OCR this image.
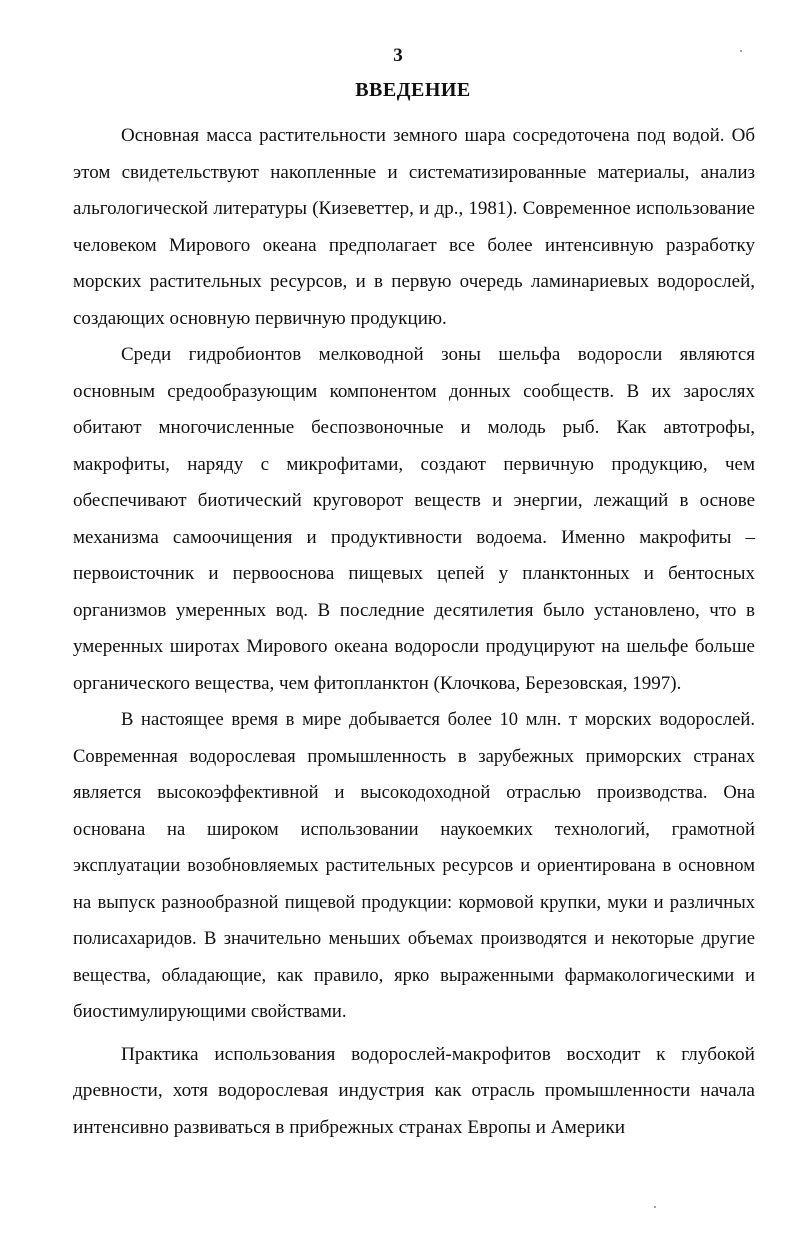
3
ВВЕДЕНИЕ

Основная масса растительности земного шара сосредоточена под водой. Об этом свидетельствуют накопленные и систематизированные материалы, анализ альгологической литературы (Кизеветтер, и др., 1981). Современное использование человеком Мирового океана предполагает все более интенсивную разработку морских растительных ресурсов, и в первую очередь ламинариевых водорослей, создающих основную первичную продукцию.

Среди гидробионтов мелководной зоны шельфа водоросли являются основным средообразующим компонентом донных сообществ. В их зарослях обитают многочисленные беспозвоночные и молодь рыб. Как автотрофы, макрофиты, наряду с микрофитами, создают первичную продукцию, чем обеспечивают биотический круговорот веществ и энергии, лежащий в основе механизма самоочищения и продуктивности водоема. Именно макрофиты – первоисточник и первооснова пищевых цепей у планктонных и бентосных организмов умеренных вод. В последние десятилетия было установлено, что в умеренных широтах Мирового океана водоросли продуцируют на шельфе больше органического вещества, чем фитопланктон (Клочкова, Березовская, 1997).

В настоящее время в мире добывается более 10 млн. т морских водорослей. Современная водорослевая промышленность в зарубежных приморских странах является высокоэффективной и высокодоходной отраслью производства. Она основана на широком использовании наукоемких технологий, грамотной эксплуатации возобновляемых растительных ресурсов и ориентирована в основном на выпуск разнообразной пищевой продукции: кормовой крупки, муки и различных полисахаридов. В значительно меньших объемах производятся и некоторые другие вещества, обладающие, как правило, ярко выраженными фармакологическими и биостимулирующими свойствами.

Практика использования водорослей-макрофитов восходит к глубокой древности, хотя водорослевая индустрия как отрасль промышленности начала интенсивно развиваться в прибрежных странах Европы и Америки
